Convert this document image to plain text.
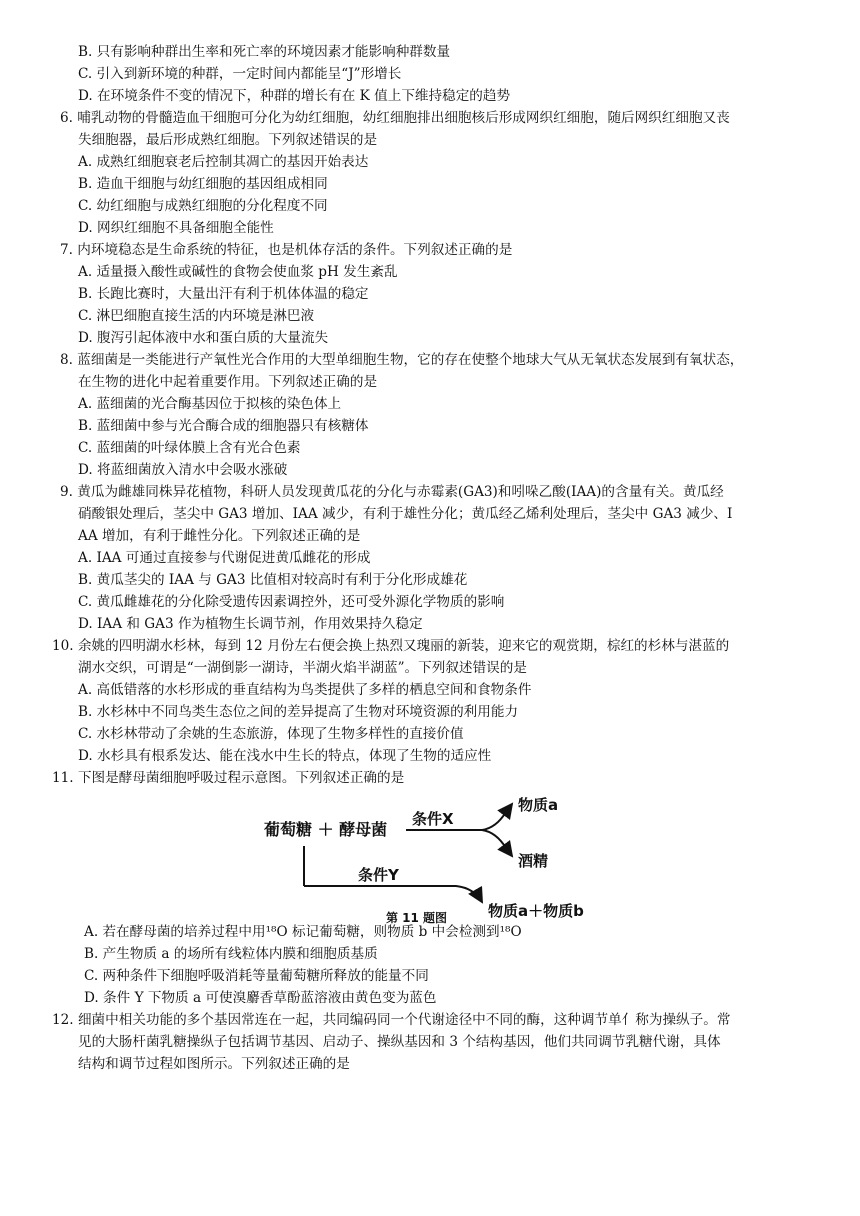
B. 只有影响种群出生率和死亡率的环境因素才能影响种群数量
C. 引入到新环境的种群，一定时间内都能呈“J”形增长
D. 在环境条件不变的情况下，种群的增长有在 K 值上下维持稳定的趋势
6. 哺乳动物的骨髓造血干细胞可分化为幼红细胞，幼红细胞排出细胞核后形成网织红细胞，随后网织红细胞又丧
失细胞器，最后形成熟红细胞。下列叙述错误的是
A. 成熟红细胞衰老后控制其凋亡的基因开始表达
B. 造血干细胞与幼红细胞的基因组成相同
C. 幼红细胞与成熟红细胞的分化程度不同
D. 网织红细胞不具备细胞全能性
7. 内环境稳态是生命系统的特征，也是机体存活的条件。下列叙述正确的是
A. 适量摄入酸性或碱性的食物会使血浆 pH 发生紊乱
B. 长跑比赛时，大量出汗有利于机体体温的稳定
C. 淋巴细胞直接生活的内环境是淋巴液
D. 腹泻引起体液中水和蛋白质的大量流失
8. 蓝细菌是一类能进行产氧性光合作用的大型单细胞生物，它的存在使整个地球大气从无氧状态发展到有氧状态，
在生物的进化中起着重要作用。下列叙述正确的是
A. 蓝细菌的光合酶基因位于拟核的染色体上
B. 蓝细菌中参与光合酶合成的细胞器只有核糖体
C. 蓝细菌的叶绿体膜上含有光合色素
D. 将蓝细菌放入清水中会吸水涨破
9. 黄瓜为雌雄同株异花植物，科研人员发现黄瓜花的分化与赤霉素(GA3)和吲哚乙酸(IAA)的含量有关。黄瓜经
硝酸银处理后，茎尖中 GA3 增加、IAA 减少，有利于雄性分化；黄瓜经乙烯利处理后，茎尖中 GA3 减少、I
AA 增加，有利于雌性分化。下列叙述正确的是
A. IAA 可通过直接参与代谢促进黄瓜雌花的形成
B. 黄瓜茎尖的 IAA 与 GA3 比值相对较高时有利于分化形成雄花
C. 黄瓜雌雄花的分化除受遗传因素调控外，还可受外源化学物质的影响
D. IAA 和 GA3 作为植物生长调节剂，作用效果持久稳定
10. 余姚的四明湖水杉林，每到 12 月份左右便会换上热烈又瑰丽的新装，迎来它的观赏期，棕红的杉林与湛蓝的
湖水交织，可谓是“一湖倒影一湖诗，半湖火焰半湖蓝”。下列叙述错误的是
A. 高低错落的水杉形成的垂直结构为鸟类提供了多样的栖息空间和食物条件
B. 水杉林中不同鸟类生态位之间的差异提高了生物对环境资源的利用能力
C. 水杉林带动了余姚的生态旅游，体现了生物多样性的直接价值
D. 水杉具有根系发达、能在浅水中生长的特点，体现了生物的适应性
11. 下图是酵母菌细胞呼吸过程示意图。下列叙述正确的是
A. 若在酵母菌的培养过程中用¹⁸O 标记葡萄糖，则物质 b 中会检测到¹⁸O
B. 产生物质 a 的场所有线粒体内膜和细胞质基质
C. 两种条件下细胞呼吸消耗等量葡萄糖所释放的能量不同
D. 条件 Y 下物质 a 可使溴麝香草酚蓝溶液由黄色变为蓝色
12. 细菌中相关功能的多个基因常连在一起，共同编码同一个代谢途径中不同的酶，这种调节单亻称为操纵子。常
见的大肠杆菌乳糖操纵子包括调节基因、启动子、操纵基因和 3 个结构基因，他们共同调节乳糖代谢，具体
结构和调节过程如图所示。下列叙述正确的是
葡萄糖 ＋ 酵母菌
条件X
物质a
酒精
条件Y
物质a＋物质b
第 11 题图
